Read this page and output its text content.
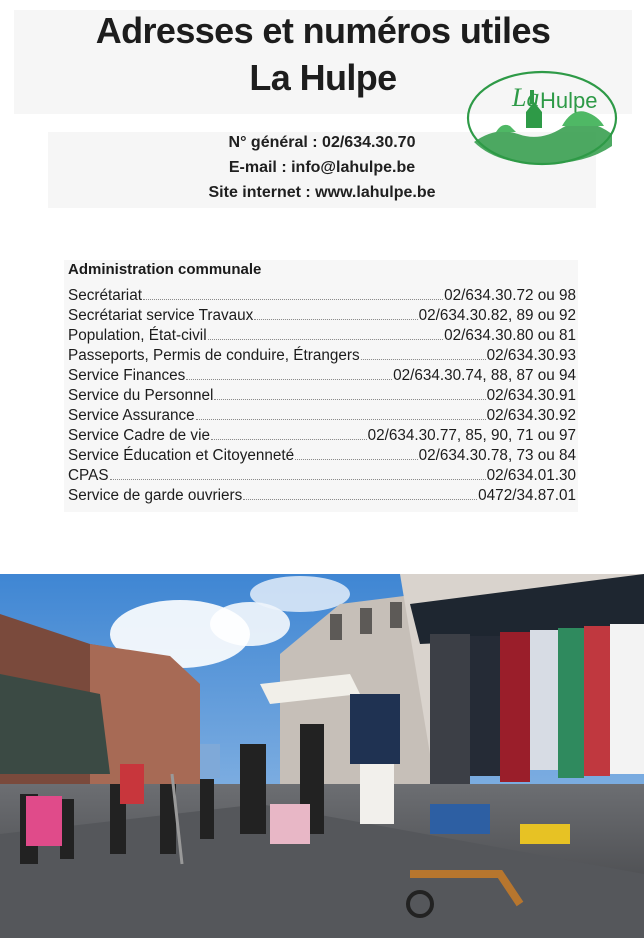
Adresses et numéros utiles
La Hulpe
N° général : 02/634.30.70
E-mail : info@lahulpe.be
Site internet : www.lahulpe.be
La Hulpe
Administration communale
Secrétariat	02/634.30.72 ou 98
Secrétariat service Travaux	02/634.30.82, 89 ou 92
Population, État-civil	02/634.30.80 ou 81
Passeports, Permis de conduire, Étrangers	02/634.30.93
Service Finances	02/634.30.74, 88, 87 ou 94
Service du Personnel	02/634.30.91
Service Assurance	02/634.30.92
Service Cadre de vie	02/634.30.77, 85, 90, 71 ou 97
Service Éducation et Citoyenneté	02/634.30.78, 73 ou 84
CPAS	02/634.01.30
Service de garde ouvriers	0472/34.87.01
